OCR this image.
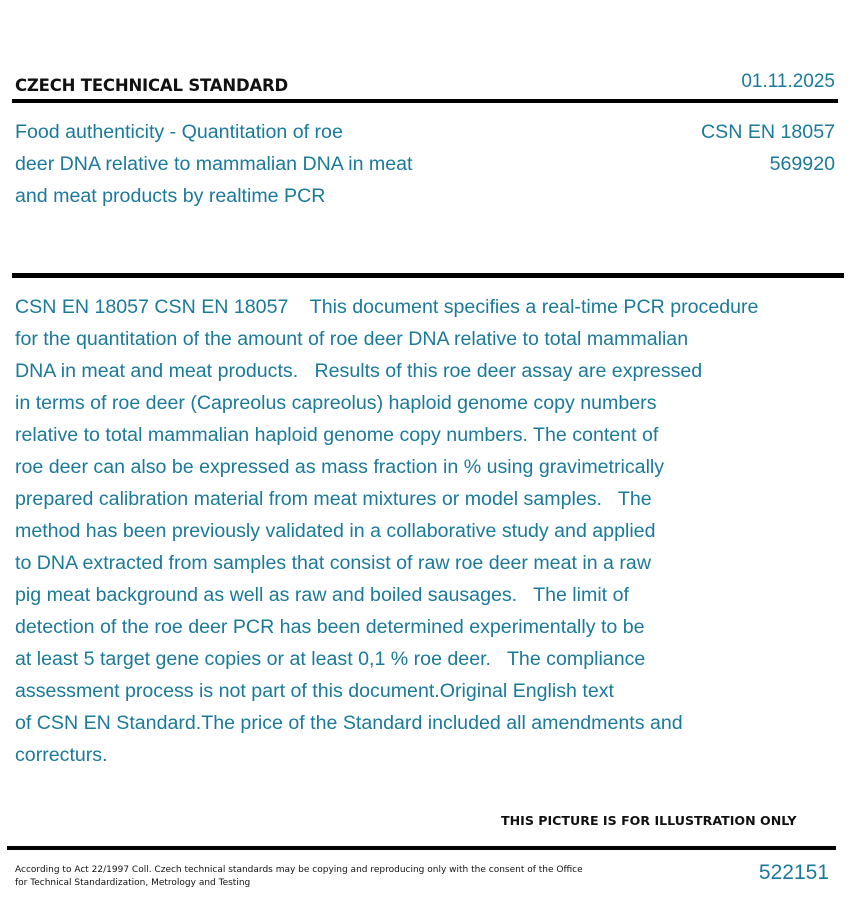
CZECH TECHNICAL STANDARD	01.11.2025
Food authenticity - Quantitation of roe
deer DNA relative to mammalian DNA in meat
and meat products by realtime PCR
CSN EN 18057
569920
CSN EN 18057 CSN EN 18057    This document specifies a real-time PCR procedure
for the quantitation of the amount of roe deer DNA relative to total mammalian
DNA in meat and meat products.   Results of this roe deer assay are expressed
in terms of roe deer (Capreolus capreolus) haploid genome copy numbers
relative to total mammalian haploid genome copy numbers. The content of
roe deer can also be expressed as mass fraction in % using gravimetrically
prepared calibration material from meat mixtures or model samples.   The
method has been previously validated in a collaborative study and applied
to DNA extracted from samples that consist of raw roe deer meat in a raw
pig meat background as well as raw and boiled sausages.   The limit of
detection of the roe deer PCR has been determined experimentally to be
at least 5 target gene copies or at least 0,1 % roe deer.   The compliance
assessment process is not part of this document.Original English text
of CSN EN Standard.The price of the Standard included all amendments and
correcturs.
THIS PICTURE IS FOR ILLUSTRATION ONLY
According to Act 22/1997 Coll. Czech technical standards may be copying and reproducing only with the consent of the Office
for Technical Standardization, Metrology and Testing	522151
